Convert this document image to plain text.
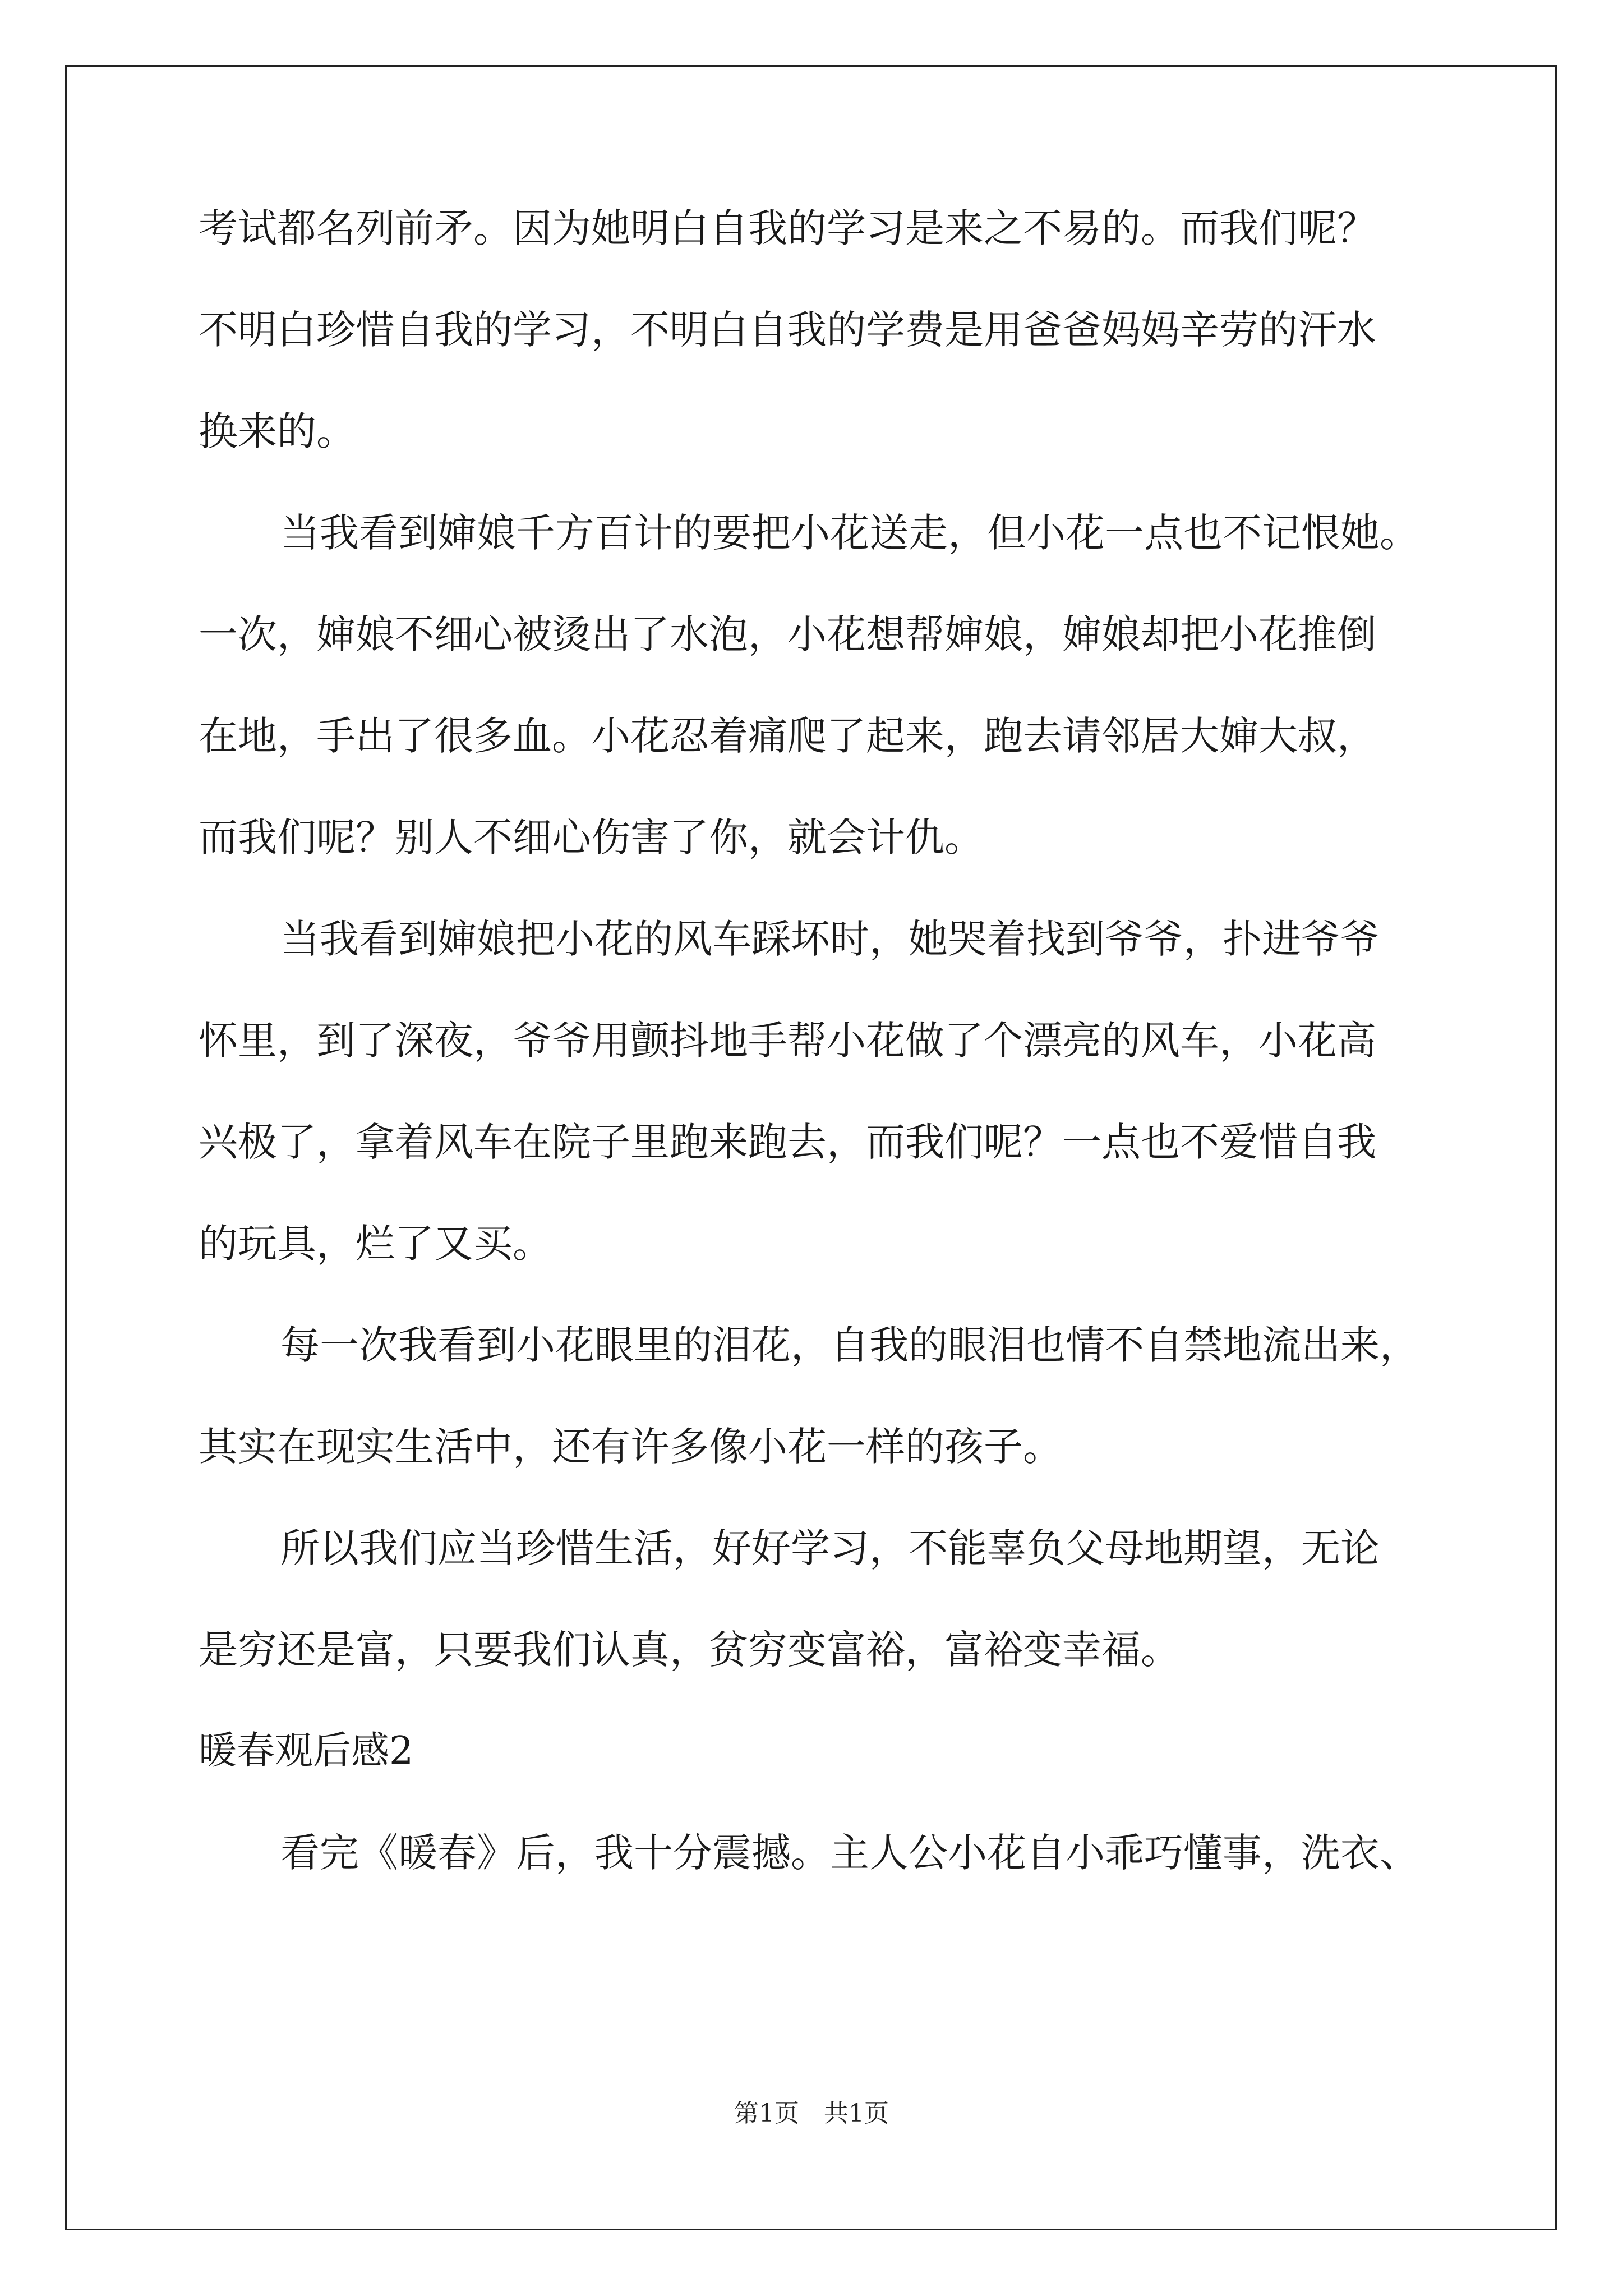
考试都名列前矛。因为她明白自我的学习是来之不易的。而我们呢？
不明白珍惜自我的学习，不明白自我的学费是用爸爸妈妈辛劳的汗水
换来的。
当我看到婶娘千方百计的要把小花送走，但小花一点也不记恨她。
一次，婶娘不细心被烫出了水泡，小花想帮婶娘，婶娘却把小花推倒
在地，手出了很多血。小花忍着痛爬了起来，跑去请邻居大婶大叔，
而我们呢？别人不细心伤害了你，就会计仇。
当我看到婶娘把小花的风车踩坏时，她哭着找到爷爷，扑进爷爷
怀里，到了深夜，爷爷用颤抖地手帮小花做了个漂亮的风车，小花高
兴极了，拿着风车在院子里跑来跑去，而我们呢？一点也不爱惜自我
的玩具，烂了又买。
每一次我看到小花眼里的泪花，自我的眼泪也情不自禁地流出来，
其实在现实生活中，还有许多像小花一样的孩子。
所以我们应当珍惜生活，好好学习，不能辜负父母地期望，无论
是穷还是富，只要我们认真，贫穷变富裕，富裕变幸福。
暖春观后感2
看完《暖春》后，我十分震撼。主人公小花自小乖巧懂事，洗衣、
第1页　共1页
